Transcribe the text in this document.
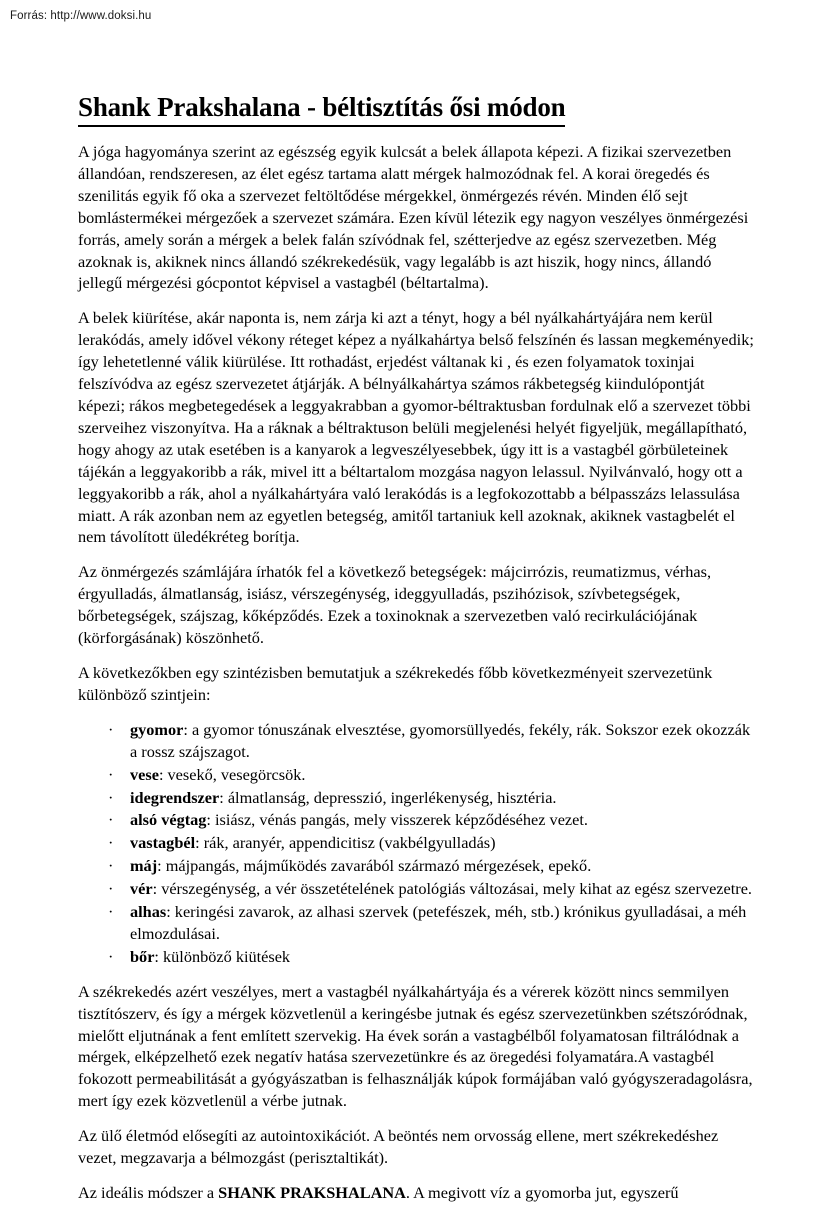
Forrás: http://www.doksi.hu
Shank Prakshalana - béltisztítás ősi módon

A jóga hagyománya szerint az egészség egyik kulcsát a belek állapota képezi. A fizikai szervezetben állandóan, rendszeresen, az élet egész tartama alatt mérgek halmozódnak fel. A korai öregedés és szenilitás egyik fő oka a szervezet feltöltődése mérgekkel, önmérgezés révén. Minden élő sejt bomlástermékei mérgezőek a szervezet számára. Ezen kívül létezik egy nagyon veszélyes önmérgezési forrás, amely során a mérgek a belek falán szívódnak fel, szétterjedve az egész szervezetben. Még azoknak is, akiknek nincs állandó székrekedésük, vagy legalább is azt hiszik, hogy nincs, állandó jellegű mérgezési gócpontot képvisel a vastagbél (béltartalma).

A belek kiürítése, akár naponta is, nem zárja ki azt a tényt, hogy a bél nyálkahártyájára nem kerül lerakódás, amely idővel vékony réteget képez a nyálkahártya belső felszínén és lassan megkeményedik; így lehetetlenné válik kiürülése. Itt rothadást, erjedést váltanak ki , és ezen folyamatok toxinjai felszívódva az egész szervezetet átjárják. A bélnyálkahártya számos rákbetegség kiindulópontját képezi; rákos megbetegedések a leggyakrabban a gyomor-béltraktusban fordulnak elő a szervezet többi szerveihez viszonyítva. Ha a ráknak a béltraktuson belüli megjelenési helyét figyeljük, megállapítható, hogy ahogy az utak esetében is a kanyarok a legveszélyesebbek, úgy itt is a vastagbél görbületeinek tájékán a leggyakoribb a rák, mivel itt a béltartalom mozgása nagyon lelassul. Nyilvánvaló, hogy ott a leggyakoribb a rák, ahol a nyálkahártyára való lerakódás is a legfokozottabb a bélpasszázs lelassulása miatt. A rák azonban nem az egyetlen betegség, amitől tartaniuk kell azoknak, akiknek vastagbelét el nem távolított üledékréteg borítja.

Az önmérgezés számlájára írhatók fel a következő betegségek: májcirrózis, reumatizmus, vérhas, érgyulladás, álmatlanság, isiász, vérszegénység, ideggyulladás, pszihózisok, szívbetegségek, bőrbetegségek, szájszag, kőképződés. Ezek a toxinoknak a szervezetben való recirkulációjának (körforgásának) köszönhető.

A következőkben egy szintézisben bemutatjuk a székrekedés főbb következményeit szervezetünk különböző szintjein:

· gyomor: a gyomor tónuszának elvesztése, gyomorsüllyedés, fekély, rák. Sokszor ezek okozzák a rossz szájszagot.
· vese: vesekő, vesegörcsök.
· idegrendszer: álmatlanság, depresszió, ingerlékenység, hisztéria.
· alsó végtag: isiász, vénás pangás, mely visszerek képződéséhez vezet.
· vastagbél: rák, aranyér, appendicitisz (vakbélgyulladás)
· máj: májpangás, májműködés zavarából származó mérgezések, epekő.
· vér: vérszegénység, a vér összetételének patológiás változásai, mely kihat az egész szervezetre.
· alhas: keringési zavarok, az alhasi szervek (petefészek, méh, stb.) krónikus gyulladásai, a méh elmozdulásai.
· bőr: különböző kiütések

A székrekedés azért veszélyes, mert a vastagbél nyálkahártyája és a vérerek között nincs semmilyen tisztítószerv, és így a mérgek közvetlenül a keringésbe jutnak és egész szervezetünkben szétszóródnak, mielőtt eljutnának a fent említett szervekig. Ha évek során a vastagbélből folyamatosan filtrálódnak a mérgek, elképzelhető ezek negatív hatása szervezetünkre és az öregedési folyamatára.A vastagbél fokozott permeabilitását a gyógyászatban is felhasználják kúpok formájában való gyógyszeradagolásra, mert így ezek közvetlenül a vérbe jutnak.

Az ülő életmód elősegíti az autointoxikációt. A beöntés nem orvosság ellene, mert székrekedéshez vezet, megzavarja a bélmozgást (perisztaltikát).

Az ideális módszer a SHANK PRAKSHALANA. A megivott víz a gyomorba jut, egyszerű
